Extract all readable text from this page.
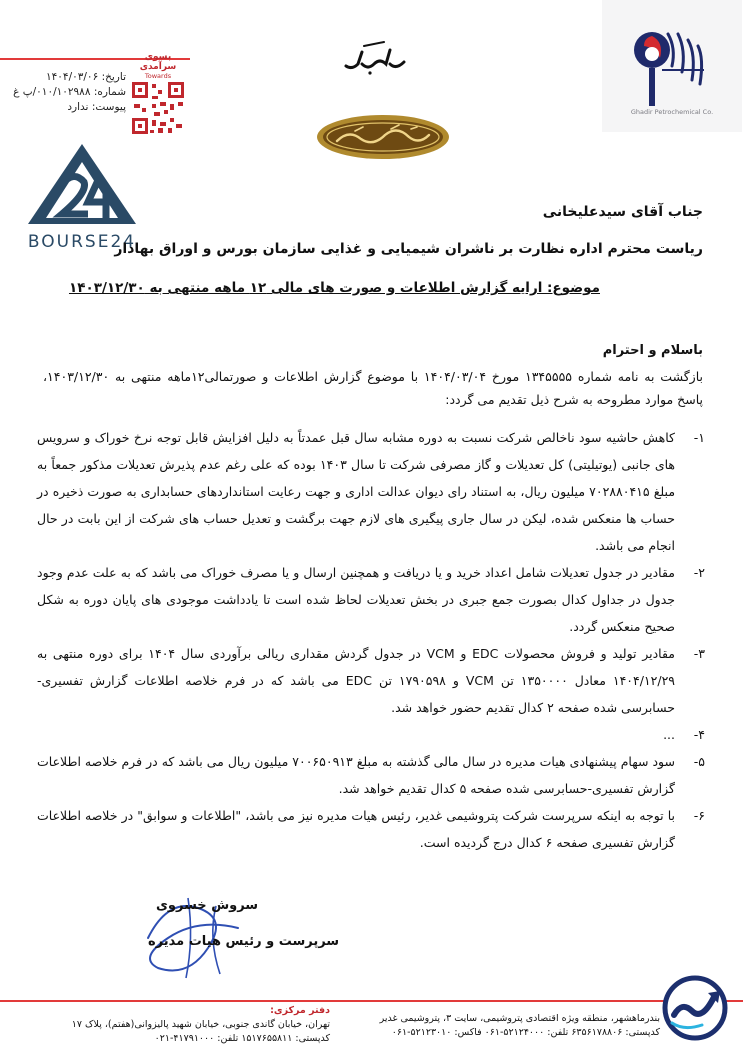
تاریخ: ۱۴۰۴/۰۳/۰۶
شماره: ۰۱۰/۱۰۲۹۸۸/پ غ
پیوست: ندارد
بسوی سرآمدی
Towards
BOURSE24
Ghadir Petrochemical Co.
جناب آقای سیدعلیخانی
ریاست محترم اداره نظارت بر ناشران شیمیایی و غذایی سازمان بورس و اوراق بهادار
موضوع: ارایه گزارش اطلاعات و صورت های مالی ۱۲ ماهه منتهی به ۱۴۰۳/۱۲/۳۰
باسلام و احترام
بازگشت به نامه شماره ۱۳۴۵۵۵۵ مورخ ۱۴۰۴/۰۳/۰۴ با موضوع گزارش اطلاعات و صورتمالی۱۲ماهه منتهی به ۱۴۰۳/۱۲/۳۰، پاسخ موارد مطروحه به شرح ذیل تقدیم می گردد:
۱-
کاهش حاشیه سود ناخالص شرکت نسبت به دوره مشابه سال قبل عمدتاً به دلیل افزایش قابل توجه نرخ خوراک و سرویس های جانبی (یوتیلیتی) کل تعدیلات و گاز مصرفی شرکت تا سال ۱۴۰۳ بوده که علی رغم عدم پذیرش تعدیلات مذکور جمعاً به مبلغ ۷۰۲۸۸۰۴۱۵ میلیون ریال، به استناد رای دیوان عدالت اداری و جهت رعایت استانداردهای حسابداری به صورت ذخیره در حساب ها منعکس شده، لیکن در سال جاری پیگیری های لازم جهت برگشت و تعدیل حساب های شرکت از این بابت در حال انجام می باشد.
۲-
مقادیر در جدول تعدیلات شامل اعداد خرید و یا دریافت و همچنین ارسال و یا مصرف خوراک می باشد که به علت عدم وجود جدول در جداول کدال بصورت جمع جبری در بخش تعدیلات لحاظ شده است تا یادداشت موجودی های پایان دوره به شکل صحیح منعکس گردد.
۳-
مقادیر تولید و فروش محصولات EDC و VCM در جدول گردش مقداری ریالی برآوردی سال ۱۴۰۴ برای دوره منتهی به ۱۴۰۴/۱۲/۲۹ معادل ۱۳۵۰۰۰۰ تن VCM و ۱۷۹۰۵۹۸ تن EDC می باشد که در فرم خلاصه اطلاعات گزارش تفسیری-حسابرسی شده صفحه ۲ کدال تقدیم حضور خواهد شد.
۴-
...
۵-
سود سهام پیشنهادی هیات مدیره در سال مالی گذشته به مبلغ ۷۰۰۶۵۰۹۱۳ میلیون ریال می باشد که در فرم خلاصه اطلاعات گزارش تفسیری-حسابرسی شده صفحه ۵ کدال تقدیم خواهد شد.
۶-
با توجه به اینکه سرپرست شرکت پتروشیمی غدیر، رئیس هیات مدیره نیز می باشد، "اطلاعات و سوابق" در خلاصه اطلاعات گزارش تفسیری صفحه ۶ کدال درج گردیده است.
سروش خسروی
سرپرست و رئیس هیات مدیره
دفتر مرکزی:
تهران، خیابان گاندی جنوبی، خیابان شهید پالیزوانی(هفتم)، پلاک ۱۷
کدپستی: ۱۵۱۷۶۵۵۸۱۱ تلفن: ۴۱۷۹۱۰۰۰-۰۲۱
بندرماهشهر، منطقه ویژه اقتصادی پتروشیمی، سایت ۳، پتروشیمی غدیر
کدپستی: ۶۳۵۶۱۷۸۸۰۶ تلفن: ۵۲۱۲۴۰۰۰-۰۶۱ فاکس: ۵۲۱۲۳۰۱۰-۰۶۱
